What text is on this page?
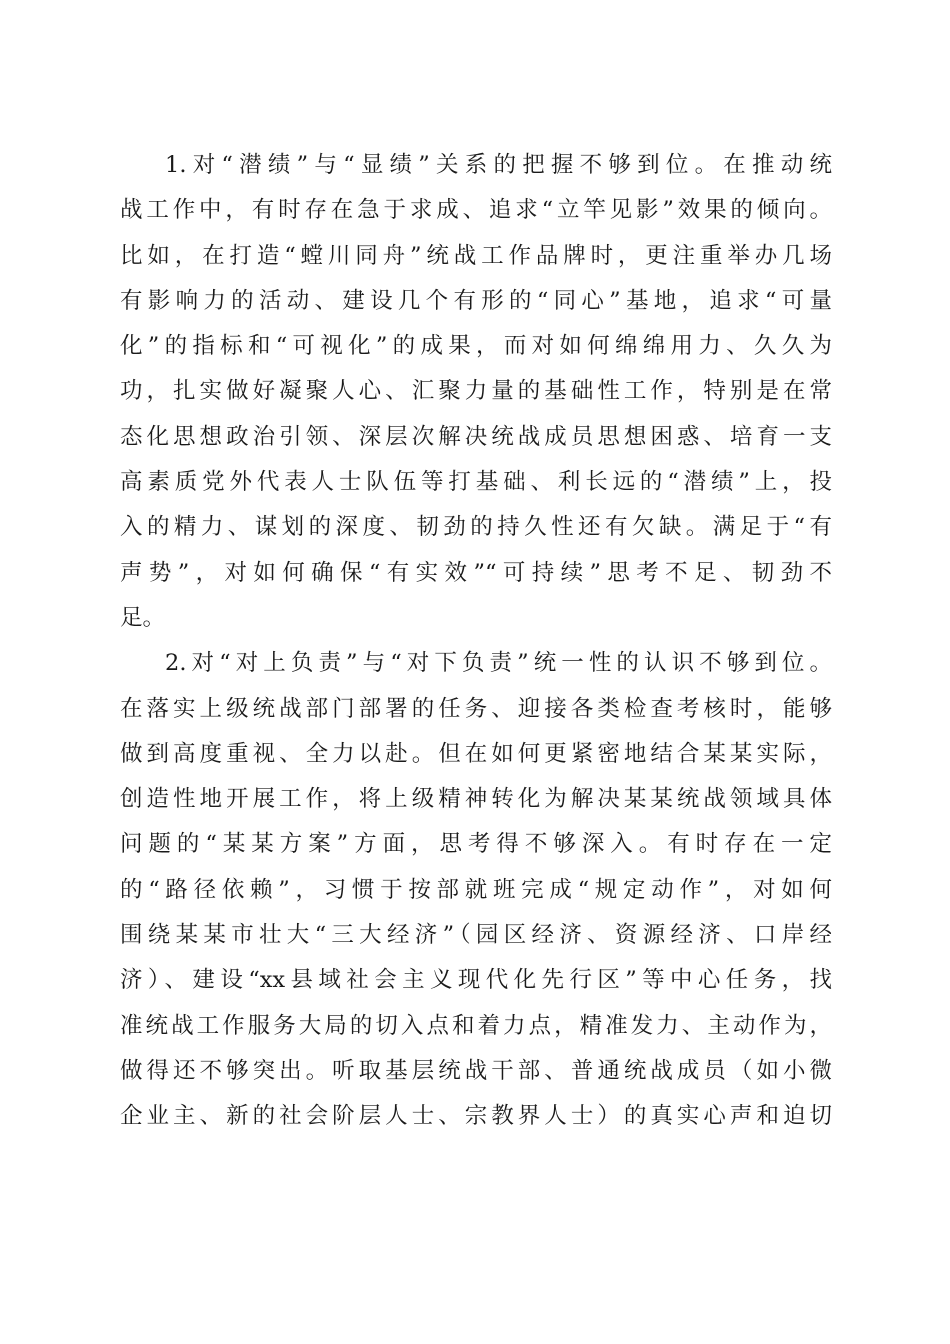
1.对“潜绩”与“显绩”关系的把握不够到位。在推动统
战工作中，有时存在急于求成、追求“立竿见影”效果的倾向。
比如，在打造“螳川同舟”统战工作品牌时，更注重举办几场
有影响力的活动、建设几个有形的“同心”基地，追求“可量
化”的指标和“可视化”的成果，而对如何绵绵用力、久久为
功，扎实做好凝聚人心、汇聚力量的基础性工作，特别是在常
态化思想政治引领、深层次解决统战成员思想困惑、培育一支
高素质党外代表人士队伍等打基础、利长远的“潜绩”上，投
入的精力、谋划的深度、韧劲的持久性还有欠缺。满足于“有
声势”，对如何确保“有实效”“可持续”思考不足、韧劲不
足。
2.对“对上负责”与“对下负责”统一性的认识不够到位。
在落实上级统战部门部署的任务、迎接各类检查考核时，能够
做到高度重视、全力以赴。但在如何更紧密地结合某某实际，
创造性地开展工作，将上级精神转化为解决某某统战领域具体
问题的“某某方案”方面，思考得不够深入。有时存在一定
的“路径依赖”，习惯于按部就班完成“规定动作”，对如何
围绕某某市壮大“三大经济”（园区经济、资源经济、口岸经
济）、建设“xx县域社会主义现代化先行区”等中心任务，找
准统战工作服务大局的切入点和着力点，精准发力、主动作为，
做得还不够突出。听取基层统战干部、普通统战成员（如小微
企业主、新的社会阶层人士、宗教界人士）的真实心声和迫切
